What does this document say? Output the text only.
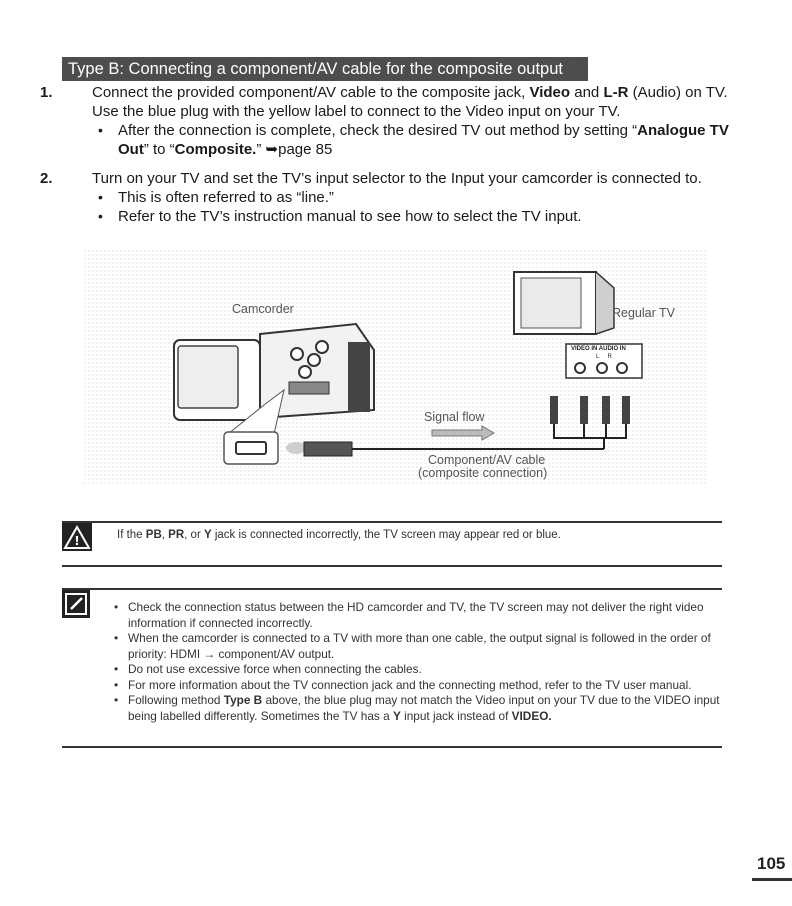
Type B: Connecting a component/AV cable for the composite output
1.	Connect the provided component/AV cable to the composite jack, Video and L-R (Audio) on TV. Use the blue plug with the yellow label to connect to the Video input on your TV.
• After the connection is complete, check the desired TV out method by setting “Analogue TV Out” to “Composite.” ➥page 85
2.	Turn on your TV and set the TV’s input selector to the Input your camcorder is connected to.
• This is often referred to as “line.”
• Refer to the TV’s instruction manual to see how to select the TV input.
Camcorder	Regular TV
VIDEO IN AUDIO IN
L     R
Signal flow
Component/AV cable
(composite connection)
!	If the PB, PR, or Y jack is connected incorrectly, the TV screen may appear red or blue.
• Check the connection status between the HD camcorder and TV, the TV screen may not deliver the right video information if connected incorrectly.
• When the camcorder is connected to a TV with more than one cable, the output signal is followed in the order of priority: HDMI → component/AV output.
• Do not use excessive force when connecting the cables.
• For more information about the TV connection jack and the connecting method, refer to the TV user manual.
• Following method Type B above, the blue plug may not match the Video input on your TV due to the VIDEO input being labelled differently. Sometimes the TV has a Y input jack instead of VIDEO.
105
